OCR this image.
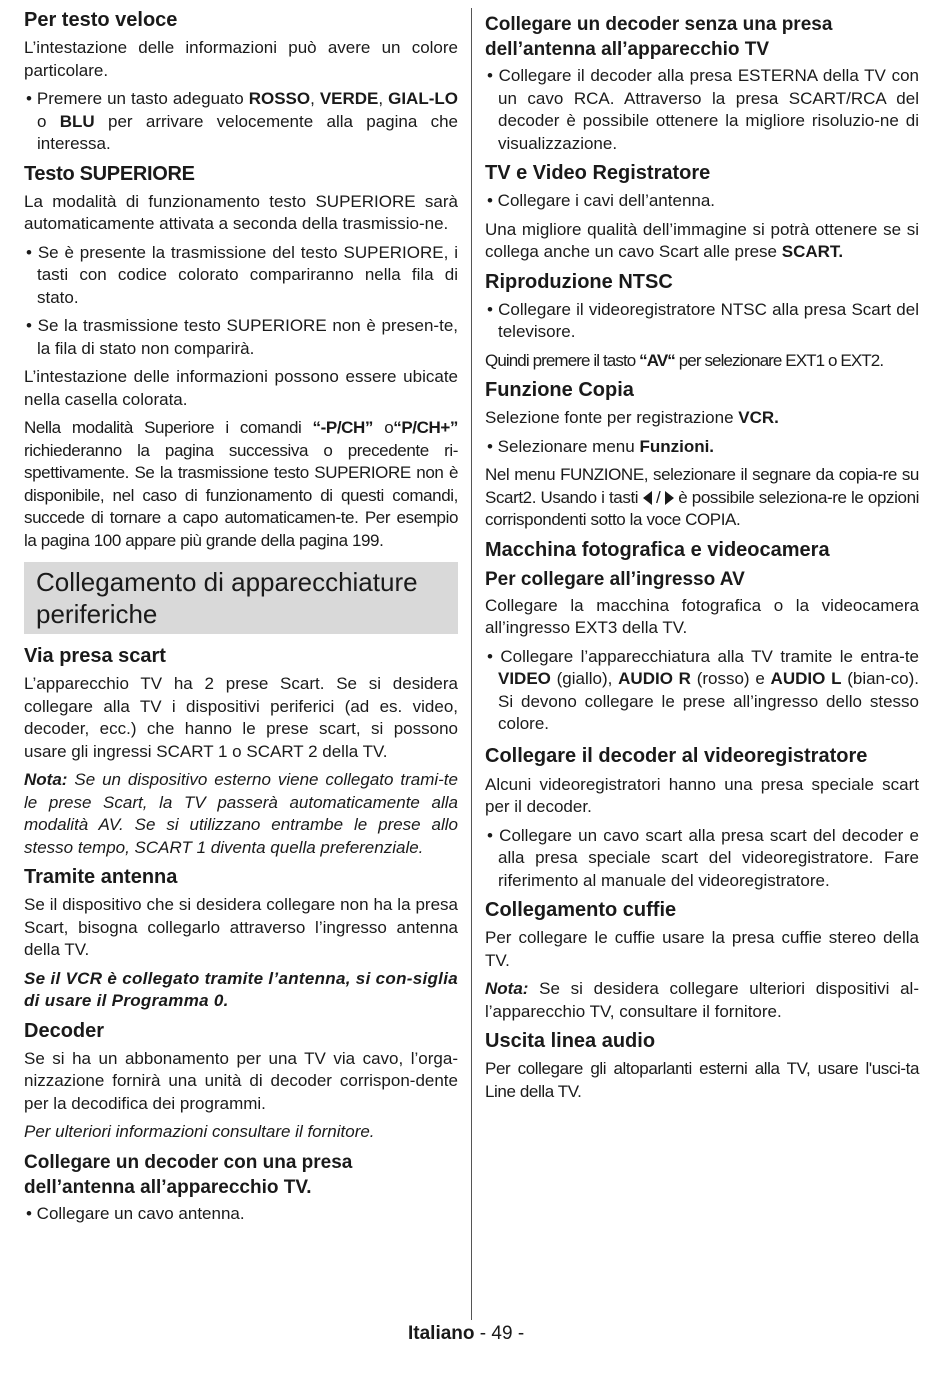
Per testo veloce

L’intestazione delle informazioni può avere un colore particolare.

• Premere un tasto adeguato ROSSO, VERDE, GIAL-LO o BLU per arrivare velocemente alla pagina che interessa.

Testo SUPERIORE

La modalità di funzionamento testo SUPERIORE sarà automaticamente attivata a seconda della trasmissio-ne.

• Se è presente la trasmissione del testo SUPERIORE, i tasti con codice colorato compariranno nella fila di stato.

• Se la trasmissione testo SUPERIORE non è presen-te, la fila di stato non comparirà.

L’intestazione delle informazioni possono essere ubicate nella casella colorata.

Nella modalità Superiore i comandi “-P/CH” o“P/CH+” richiederanno la pagina successiva o precedente ri-spettivamente. Se la trasmissione testo SUPERIORE non è disponibile, nel caso di funzionamento di questi comandi, succede di tornare a capo automaticamen-te. Per esempio la pagina 100 appare più grande della pagina 199.

Collegamento di apparecchiature periferiche
Via presa scart

L’apparecchio TV ha 2 prese Scart. Se si desidera collegare alla TV i dispositivi periferici (ad es. video, decoder, ecc.) che hanno le prese scart, si possono usare gli ingressi SCART 1 o SCART 2 della TV.

Nota: Se un dispositivo esterno viene collegato trami-te le prese Scart, la TV passerà automaticamente alla modalità AV. Se si utilizzano entrambe le prese allo stesso tempo, SCART 1 diventa quella preferenziale.

Tramite antenna

Se il dispositivo che si desidera collegare non ha la presa Scart, bisogna collegarlo attraverso l’ingresso antenna della TV.

Se il VCR è collegato tramite l’antenna, si con-siglia di usare il Programma 0.

Decoder

Se si ha un abbonamento per una TV via cavo, l’orga-nizzazione fornirà una unità di decoder corrispon-dente per la decodifica dei programmi.

Per ulteriori informazioni consultare il fornitore.

Collegare un decoder con una presa dell’antenna all’apparecchio TV.

• Collegare un cavo antenna.

Collegare un decoder senza una presa dell’antenna all’apparecchio TV

• Collegare il decoder alla presa ESTERNA della TV con un cavo RCA. Attraverso la presa SCART/RCA del decoder è possibile ottenere la migliore risoluzio-ne di visualizzazione.

TV e Video Registratore

• Collegare i cavi dell’antenna.

Una migliore qualità dell’immagine si potrà ottenere se si collega anche un cavo Scart alle prese SCART.

Riproduzione NTSC

• Collegare il videoregistratore NTSC alla presa Scart del televisore.

Quindi premere il tasto “AV“ per selezionare EXT1 o EXT2.

Funzione Copia

Selezione fonte per registrazione VCR.

• Selezionare menu Funzioni.

Nel menu FUNZIONE, selezionare il segnare da copia-re su Scart2. Usando i tasti  /  è possibile seleziona-re le opzioni corrispondenti sotto la voce COPIA.

Macchina fotografica e videocamera
Per collegare all’ingresso AV

Collegare la macchina fotografica o la videocamera all’ingresso EXT3 della TV.

• Collegare l’apparecchiatura alla TV tramite le entra-te VIDEO (giallo), AUDIO R (rosso) e AUDIO L (bian-co). Si devono collegare le prese all’ingresso dello stesso colore.

Collegare il decoder al videoregistratore

Alcuni videoregistratori hanno una presa speciale scart per il decoder.

• Collegare un cavo scart alla presa scart del decoder e alla presa speciale scart del videoregistratore. Fare riferimento al manuale del videoregistratore.

Collegamento cuffie

Per collegare le cuffie usare la presa cuffie stereo della TV.

Nota: Se si desidera collegare ulteriori dispositivi al-l’apparecchio TV, consultare il fornitore.

Uscita linea audio

Per collegare gli altoparlanti esterni alla TV, usare l'usci-ta Line della TV.

Italiano - 49 -
